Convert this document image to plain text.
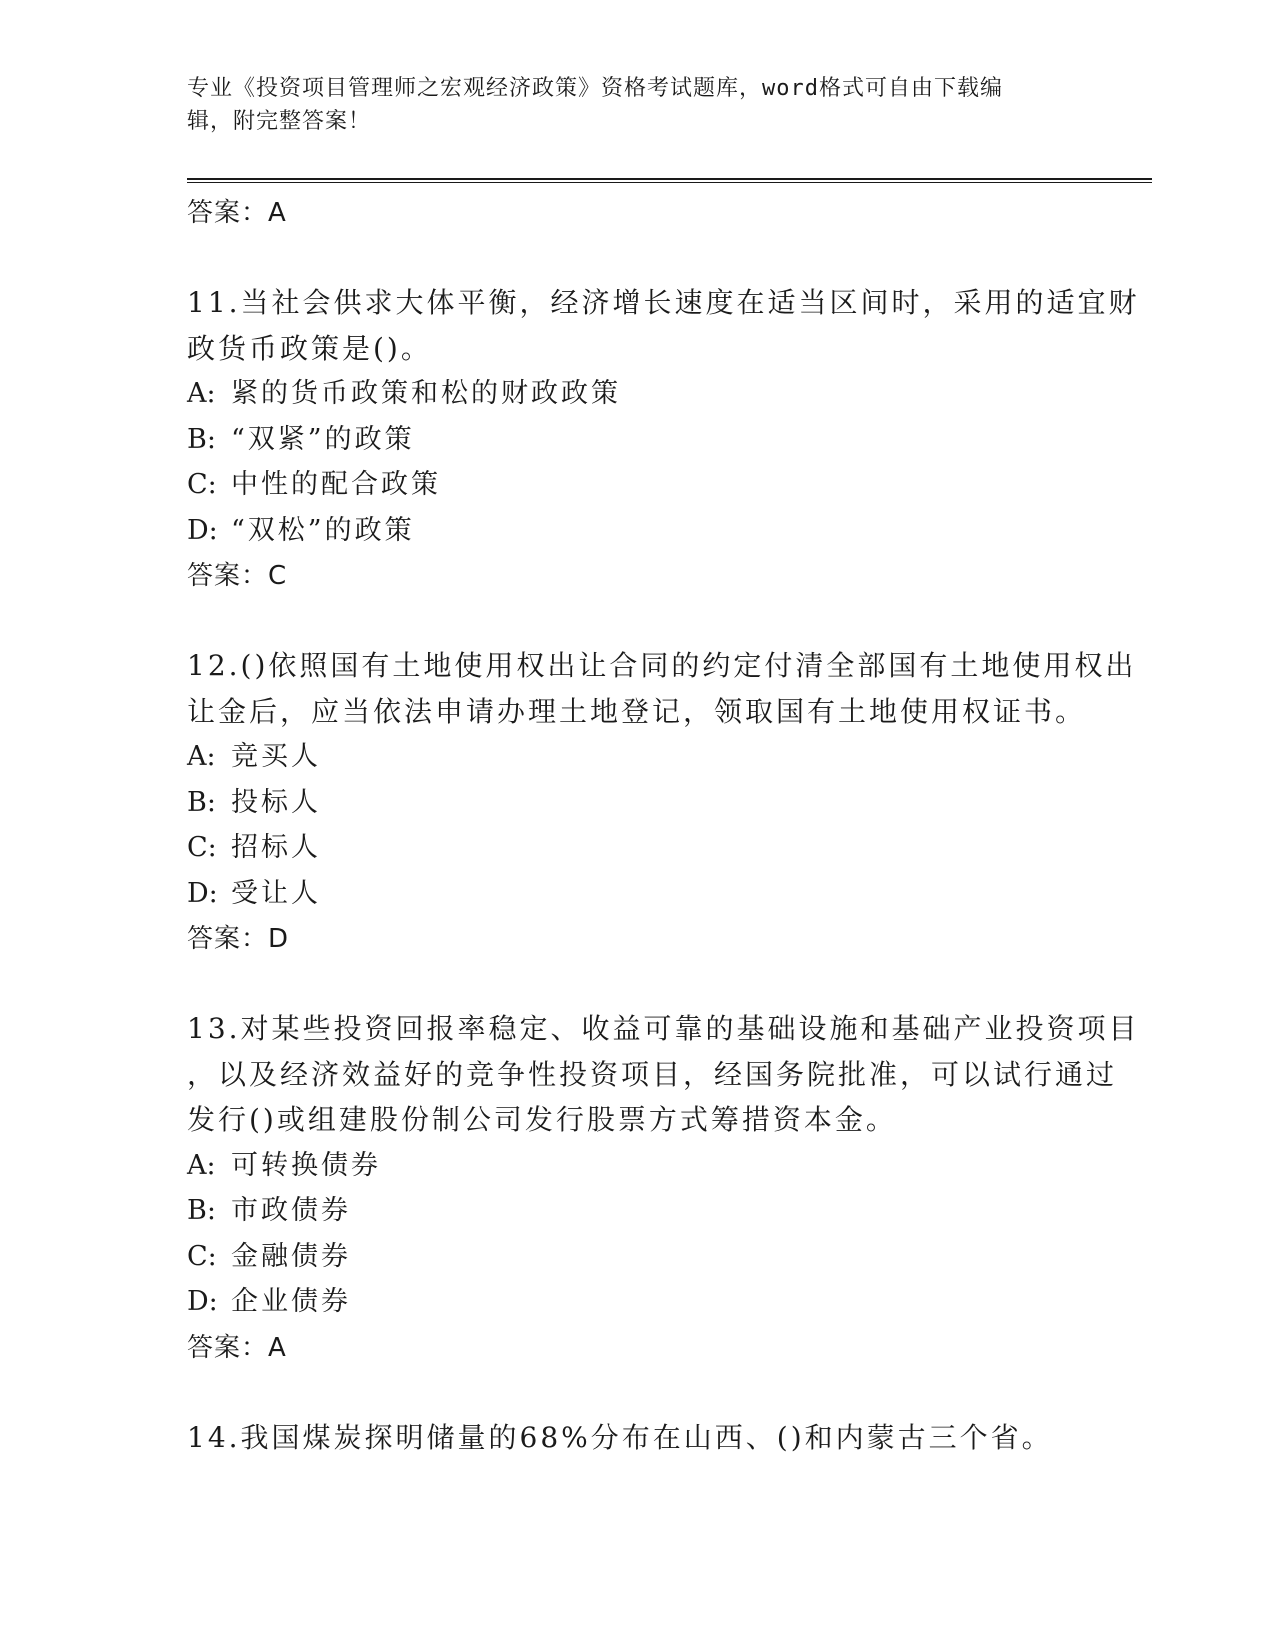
专业《投资项目管理师之宏观经济政策》资格考试题库，word格式可自由下载编
辑，附完整答案！
答案：A
11.当社会供求大体平衡，经济增长速度在适当区间时，采用的适宜财
政货币政策是()。
A: 紧的货币政策和松的财政政策
B: “双紧”的政策
C: 中性的配合政策
D: “双松”的政策
答案：C
12.()依照国有土地使用权出让合同的约定付清全部国有土地使用权出
让金后，应当依法申请办理土地登记，领取国有土地使用权证书。
A: 竞买人
B: 投标人
C: 招标人
D: 受让人
答案：D
13.对某些投资回报率稳定、收益可靠的基础设施和基础产业投资项目
，以及经济效益好的竞争性投资项目，经国务院批准，可以试行通过
发行()或组建股份制公司发行股票方式筹措资本金。
A: 可转换债券
B: 市政债券
C: 金融债券
D: 企业债券
答案：A
14.我国煤炭探明储量的68%分布在山西、()和内蒙古三个省。
